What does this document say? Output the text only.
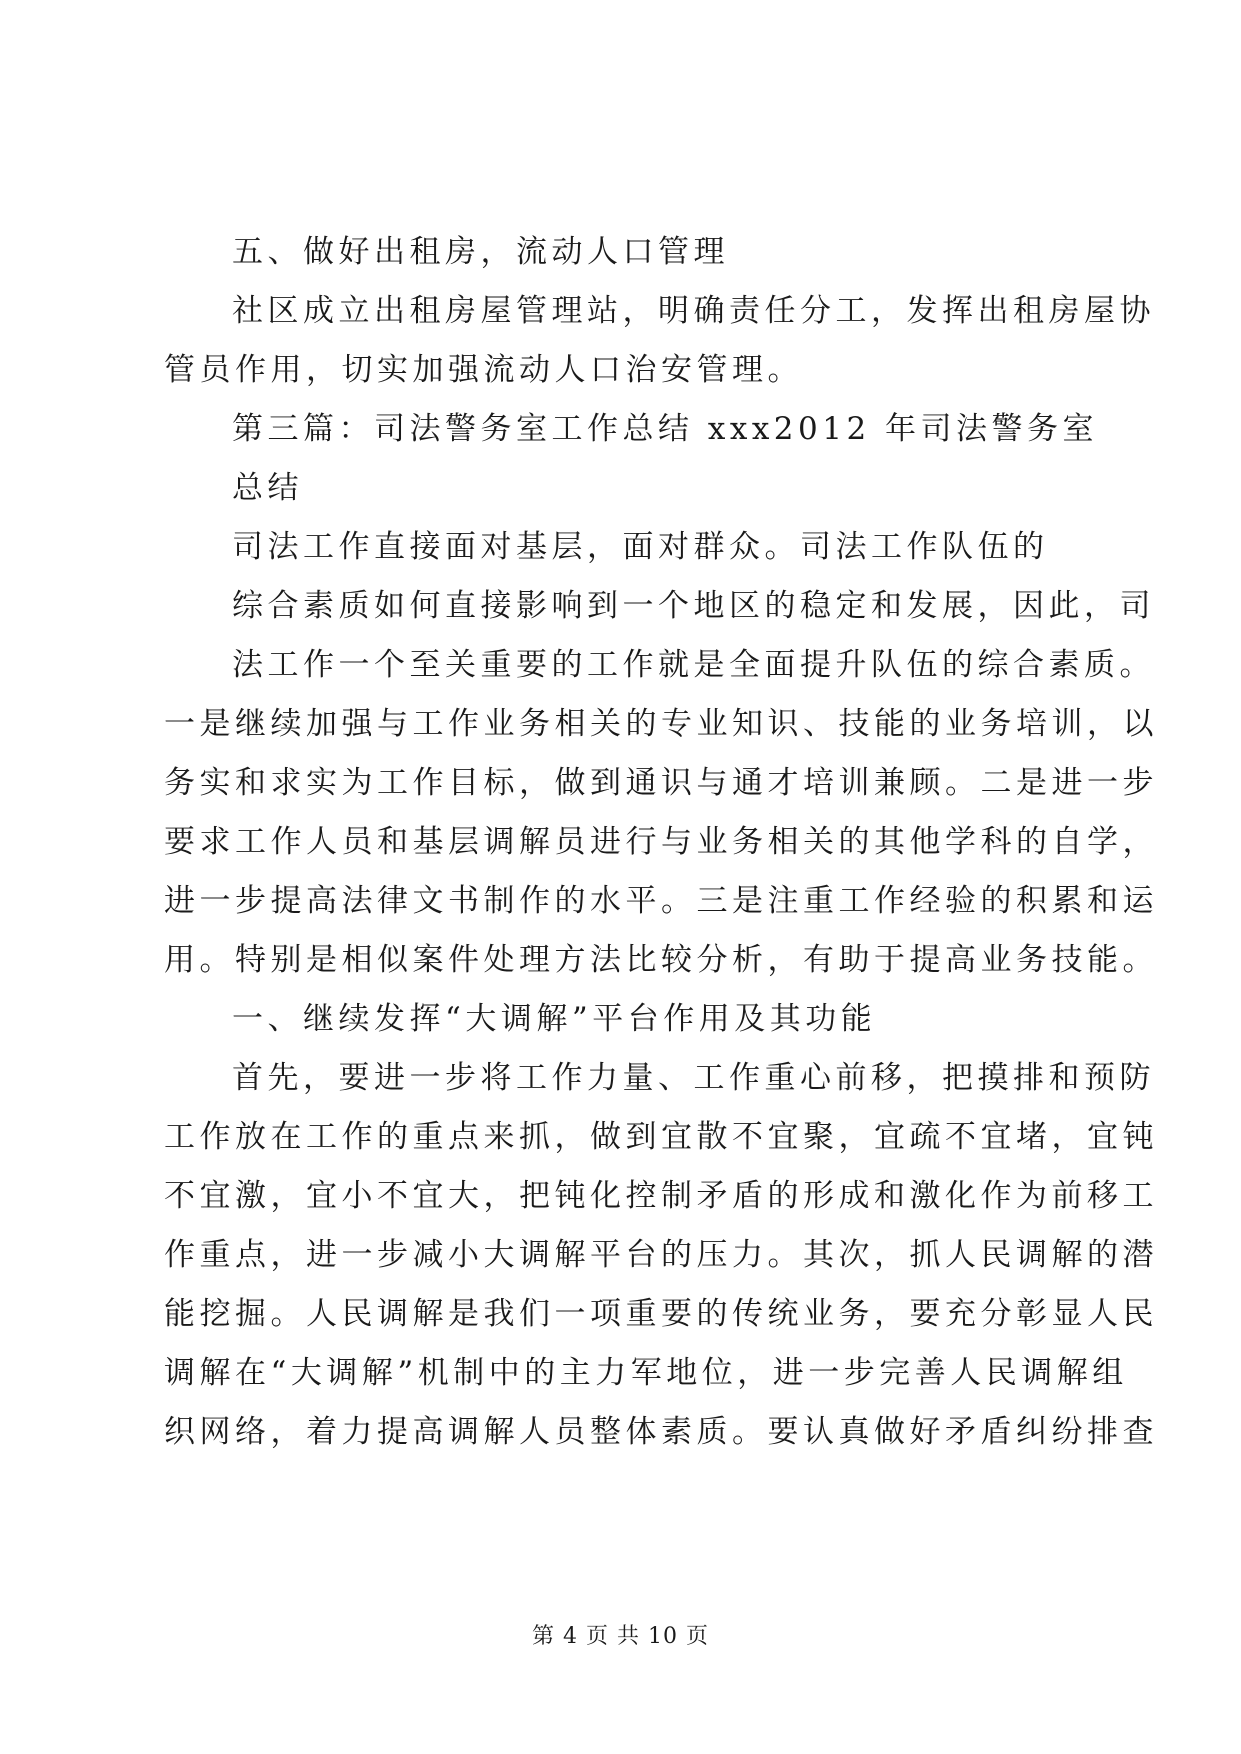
五、做好出租房，流动人口管理
社区成立出租房屋管理站，明确责任分工，发挥出租房屋协
管员作用，切实加强流动人口治安管理。
第三篇：司法警务室工作总结 xxx2012 年司法警务室
总结
司法工作直接面对基层，面对群众。司法工作队伍的
综合素质如何直接影响到一个地区的稳定和发展，因此，司
法工作一个至关重要的工作就是全面提升队伍的综合素质。
一是继续加强与工作业务相关的专业知识、技能的业务培训，以
务实和求实为工作目标，做到通识与通才培训兼顾。二是进一步
要求工作人员和基层调解员进行与业务相关的其他学科的自学，
进一步提高法律文书制作的水平。三是注重工作经验的积累和运
用。特别是相似案件处理方法比较分析，有助于提高业务技能。
一、继续发挥“大调解”平台作用及其功能
首先，要进一步将工作力量、工作重心前移，把摸排和预防
工作放在工作的重点来抓，做到宜散不宜聚，宜疏不宜堵，宜钝
不宜激，宜小不宜大，把钝化控制矛盾的形成和激化作为前移工
作重点，进一步减小大调解平台的压力。其次，抓人民调解的潜
能挖掘。人民调解是我们一项重要的传统业务，要充分彰显人民
调解在“大调解”机制中的主力军地位，进一步完善人民调解组
织网络，着力提高调解人员整体素质。要认真做好矛盾纠纷排查
第 4 页 共 10 页
